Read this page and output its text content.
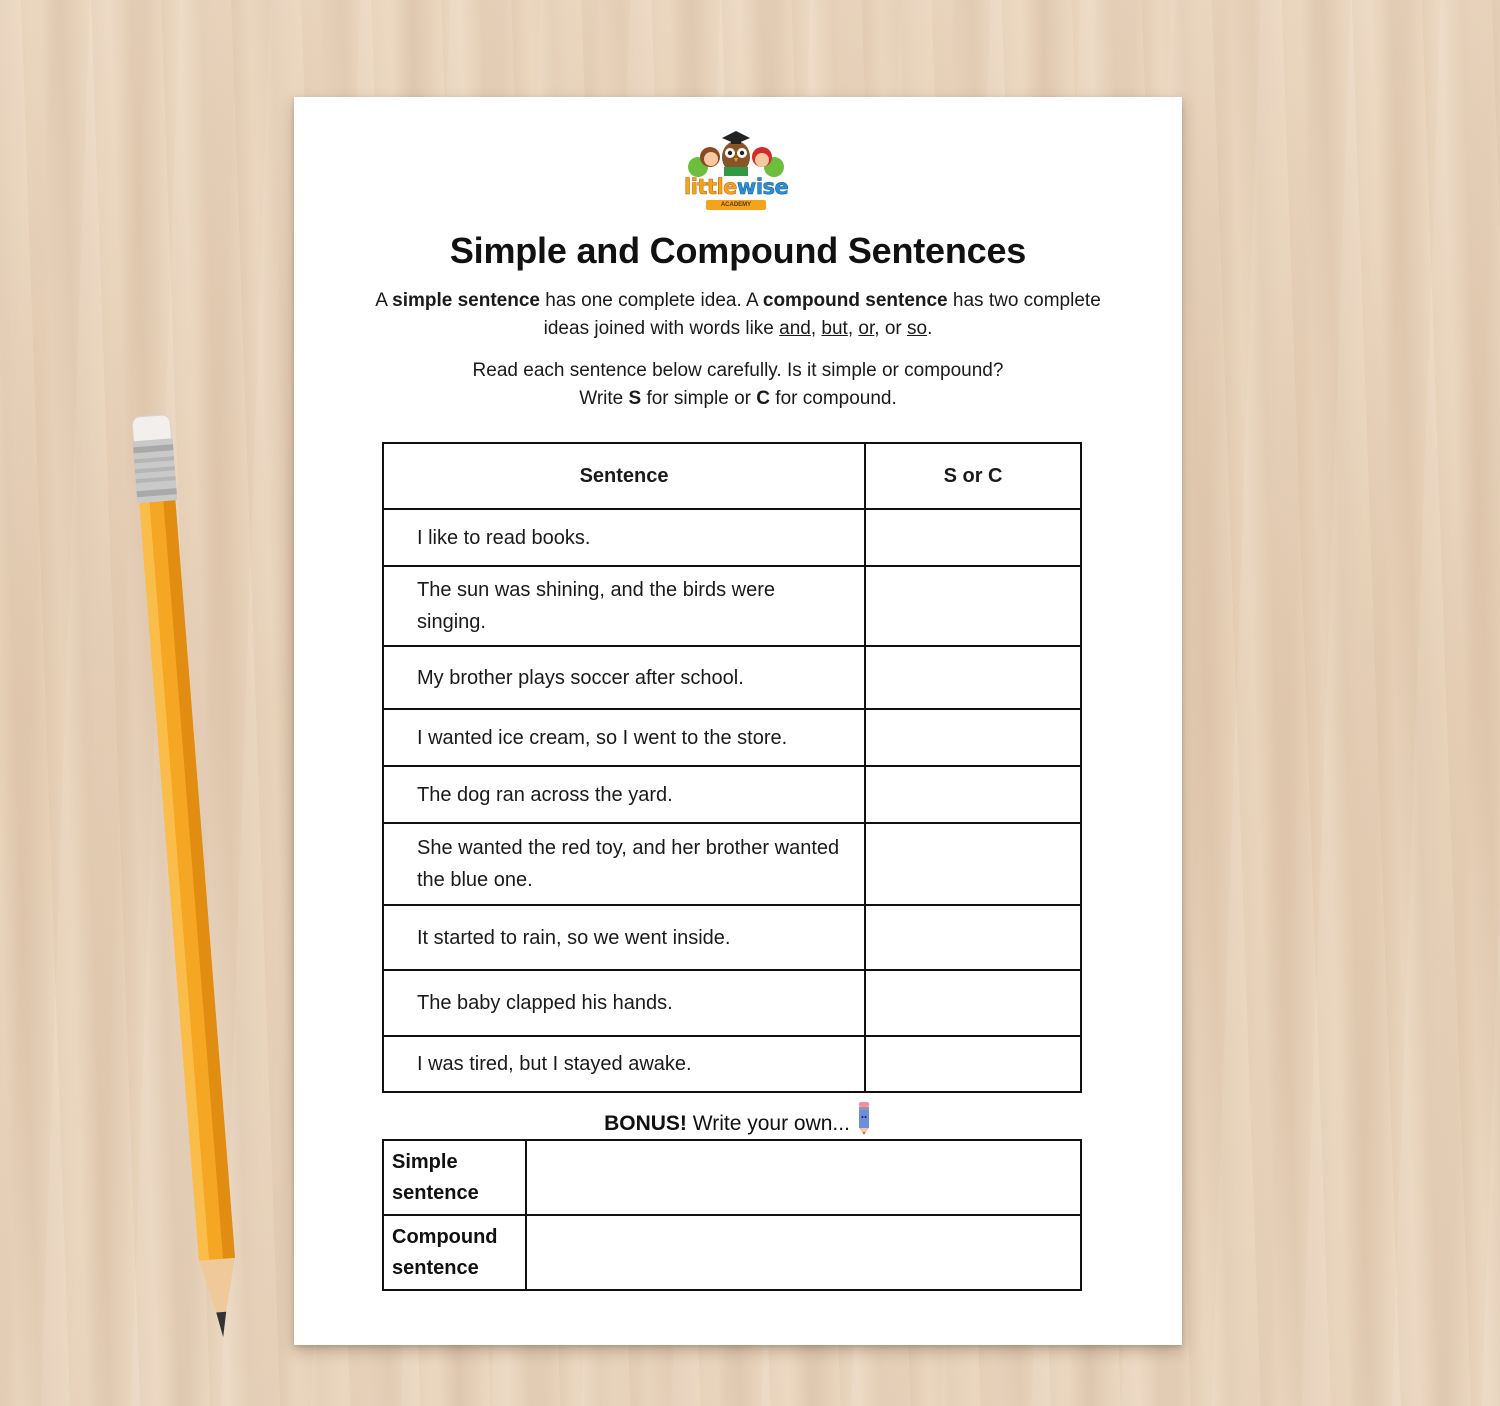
littlewise
ACADEMY
Simple and Compound Sentences

A simple sentence has one complete idea. A compound sentence has two complete ideas joined with words like and, but, or, or so.

Read each sentence below carefully. Is it simple or compound?
Write S for simple or C for compound.

Sentence	S or C
I like to read books.	
The sun was shining, and the birds were singing.	
My brother plays soccer after school.	
I wanted ice cream, so I went to the store.	
The dog ran across the yard.	
She wanted the red toy, and her brother wanted the blue one.	
It started to rain, so we went inside.	
The baby clapped his hands.	
I was tired, but I stayed awake.	
BONUS! Write your own...
Simple sentence	
Compound sentence	
